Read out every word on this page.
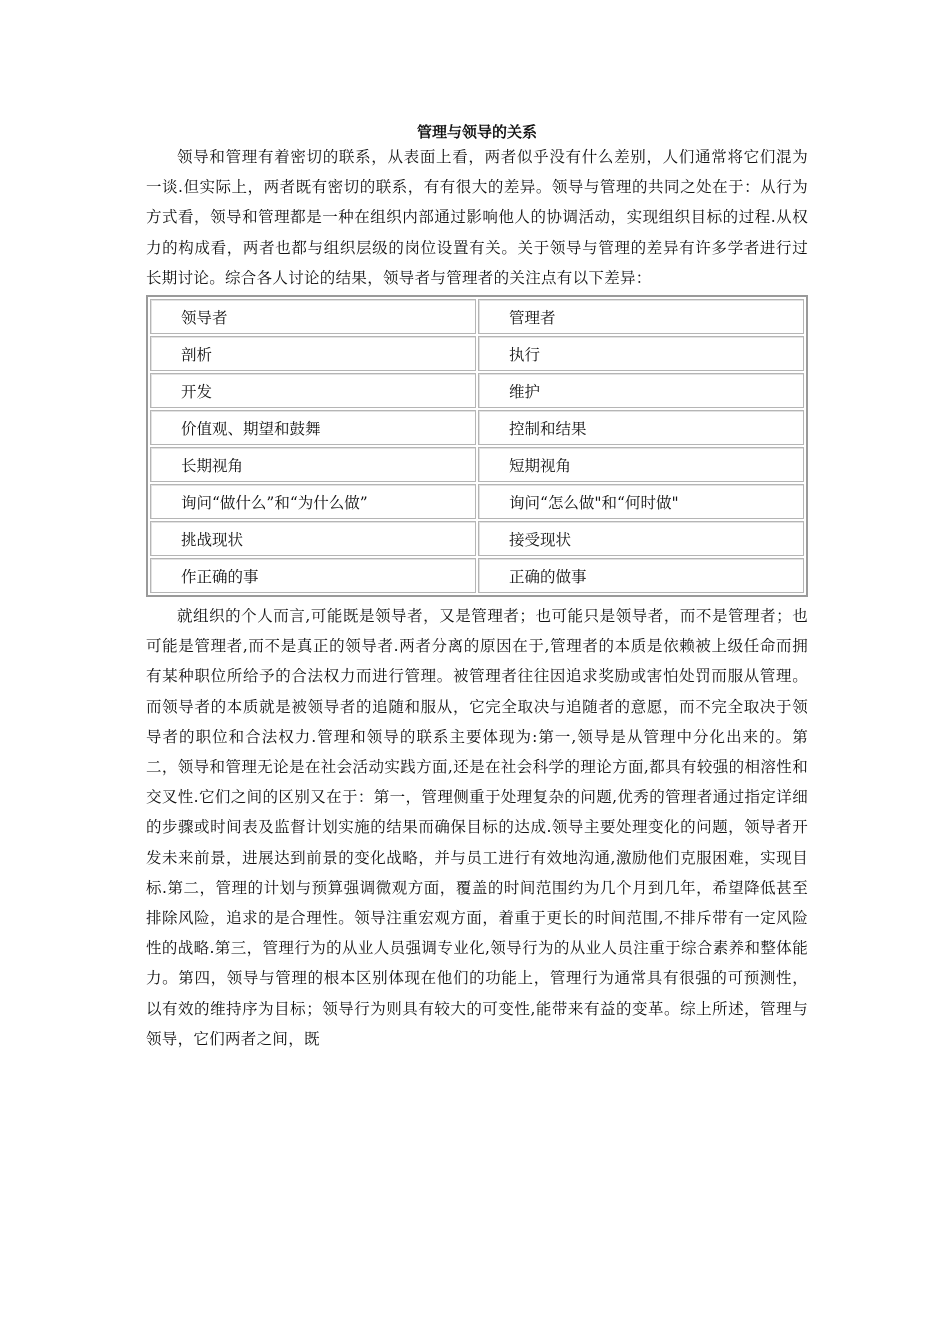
管理与领导的关系

领导和管理有着密切的联系，从表面上看，两者似乎没有什么差别，人们通常将它们混为一谈.但实际上，两者既有密切的联系，有有很大的差异。领导与管理的共同之处在于：从行为方式看，领导和管理都是一种在组织内部通过影响他人的协调活动，实现组织目标的过程.从权力的构成看，两者也都与组织层级的岗位设置有关。关于领导与管理的差异有许多学者进行过长期讨论。综合各人讨论的结果，领导者与管理者的关注点有以下差异：

领导者	管理者
剖析	执行
开发	维护
价值观、期望和鼓舞	控制和结果
长期视角	短期视角
询问“做什么”和“为什么做”	询问“怎么做"和“何时做"
挑战现状	接受现状
作正确的事	正确的做事

就组织的个人而言,可能既是领导者，又是管理者；也可能只是领导者，而不是管理者；也可能是管理者,而不是真正的领导者.两者分离的原因在于,管理者的本质是依赖被上级任命而拥有某种职位所给予的合法权力而进行管理。被管理者往往因追求奖励或害怕处罚而服从管理。而领导者的本质就是被领导者的追随和服从，它完全取决与追随者的意愿，而不完全取决于领导者的职位和合法权力.管理和领导的联系主要体现为:第一,领导是从管理中分化出来的。第二，领导和管理无论是在社会活动实践方面,还是在社会科学的理论方面,都具有较强的相溶性和交叉性.它们之间的区别又在于：第一，管理侧重于处理复杂的问题,优秀的管理者通过指定详细的步骤或时间表及监督计划实施的结果而确保目标的达成.领导主要处理变化的问题，领导者开发未来前景，进展达到前景的变化战略，并与员工进行有效地沟通,激励他们克服困难，实现目标.第二，管理的计划与预算强调微观方面，覆盖的时间范围约为几个月到几年，希望降低甚至排除风险，追求的是合理性。领导注重宏观方面，着重于更长的时间范围,不排斥带有一定风险性的战略.第三，管理行为的从业人员强调专业化,领导行为的从业人员注重于综合素养和整体能力。第四，领导与管理的根本区别体现在他们的功能上，管理行为通常具有很强的可预测性，以有效的维持序为目标；领导行为则具有较大的可变性,能带来有益的变革。综上所述，管理与领导，它们两者之间，既
